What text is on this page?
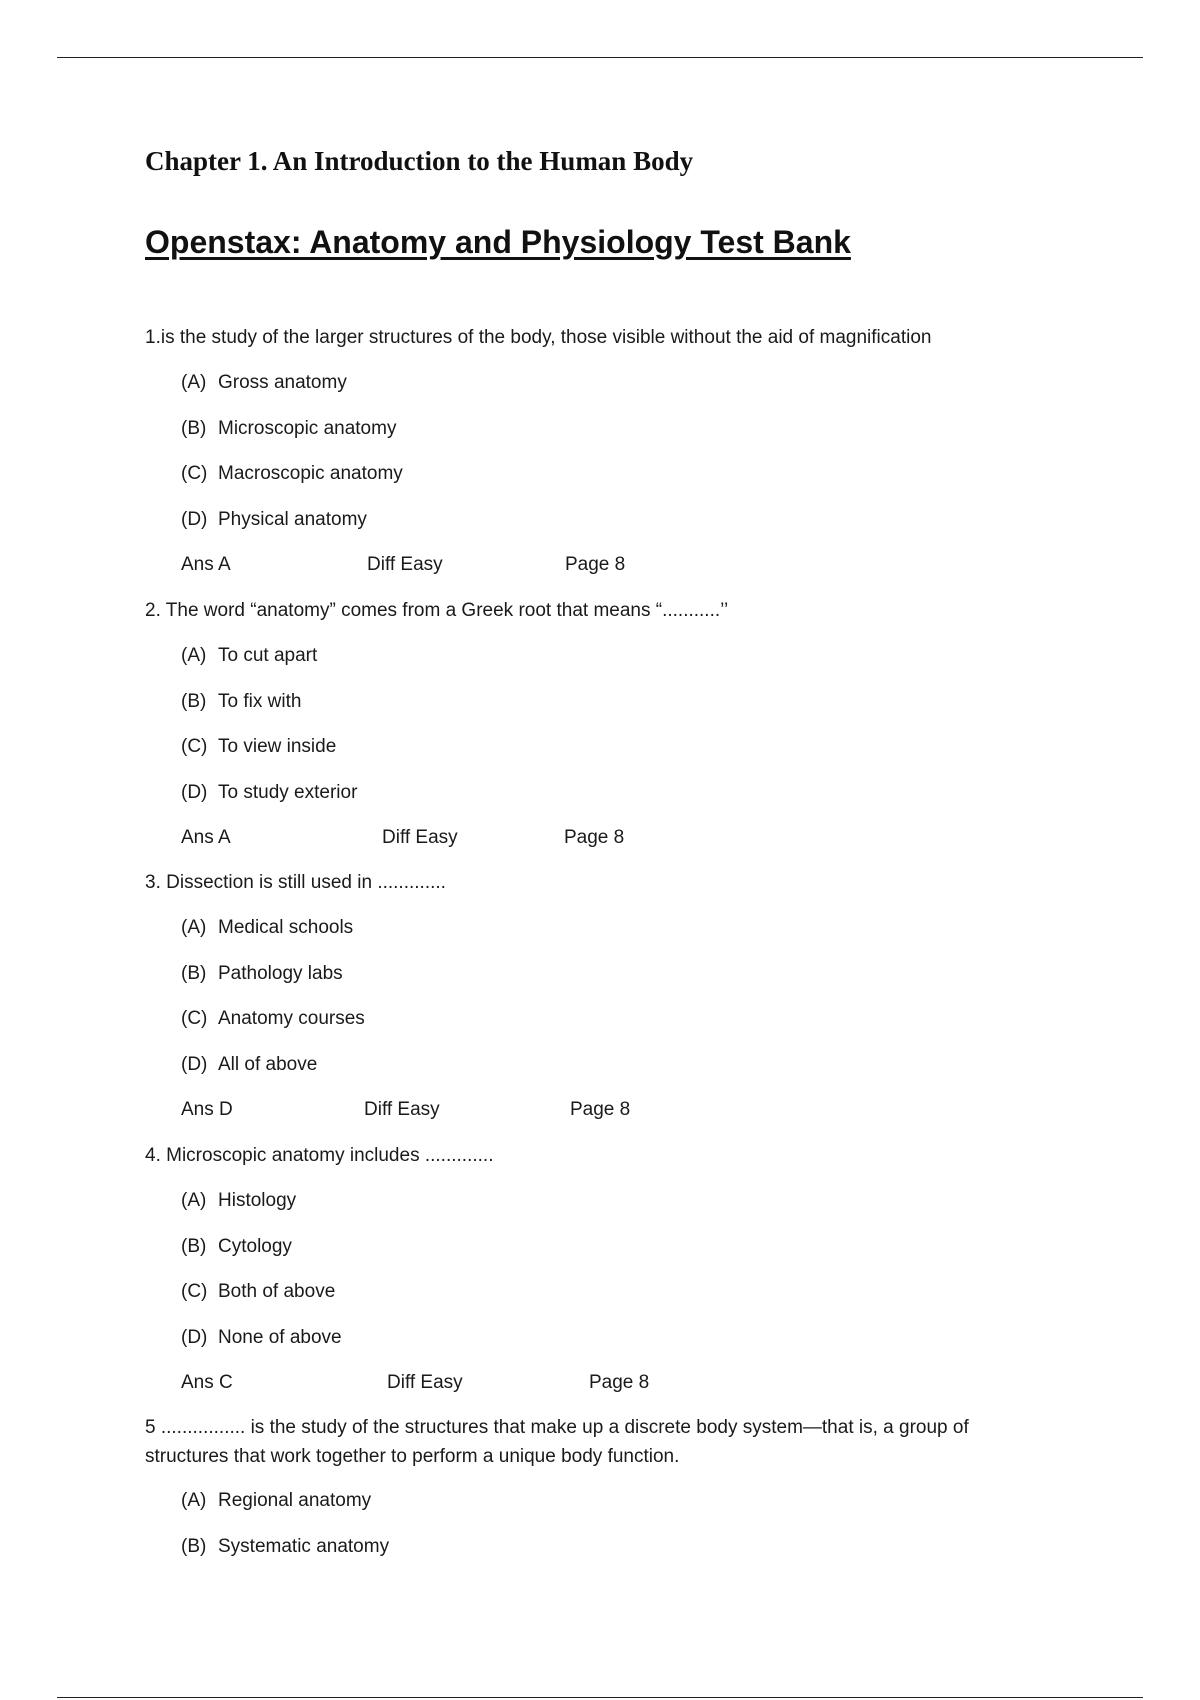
Chapter 1. An Introduction to the Human Body
Openstax: Anatomy and Physiology Test Bank
1.is the study of the larger structures of the body, those visible without the aid of magnification
(A) Gross anatomy
(B) Microscopic anatomy
(C) Macroscopic anatomy
(D) Physical anatomy
Ans A	Diff Easy	Page 8
2. The word “anatomy” comes from a Greek root that means “...........’’
(A) To cut apart
(B) To fix with
(C) To view inside
(D) To study exterior
Ans A	Diff Easy	Page 8
3. Dissection is still used in .............
(A) Medical schools
(B) Pathology labs
(C) Anatomy courses
(D) All of above
Ans D	Diff Easy	Page 8
4. Microscopic anatomy includes .............
(A) Histology
(B) Cytology
(C) Both of above
(D) None of above
Ans C	Diff Easy	Page 8
5 ................ is the study of the structures that make up a discrete body system—that is, a group of structures that work together to perform a unique body function.
(A) Regional anatomy
(B) Systematic anatomy
